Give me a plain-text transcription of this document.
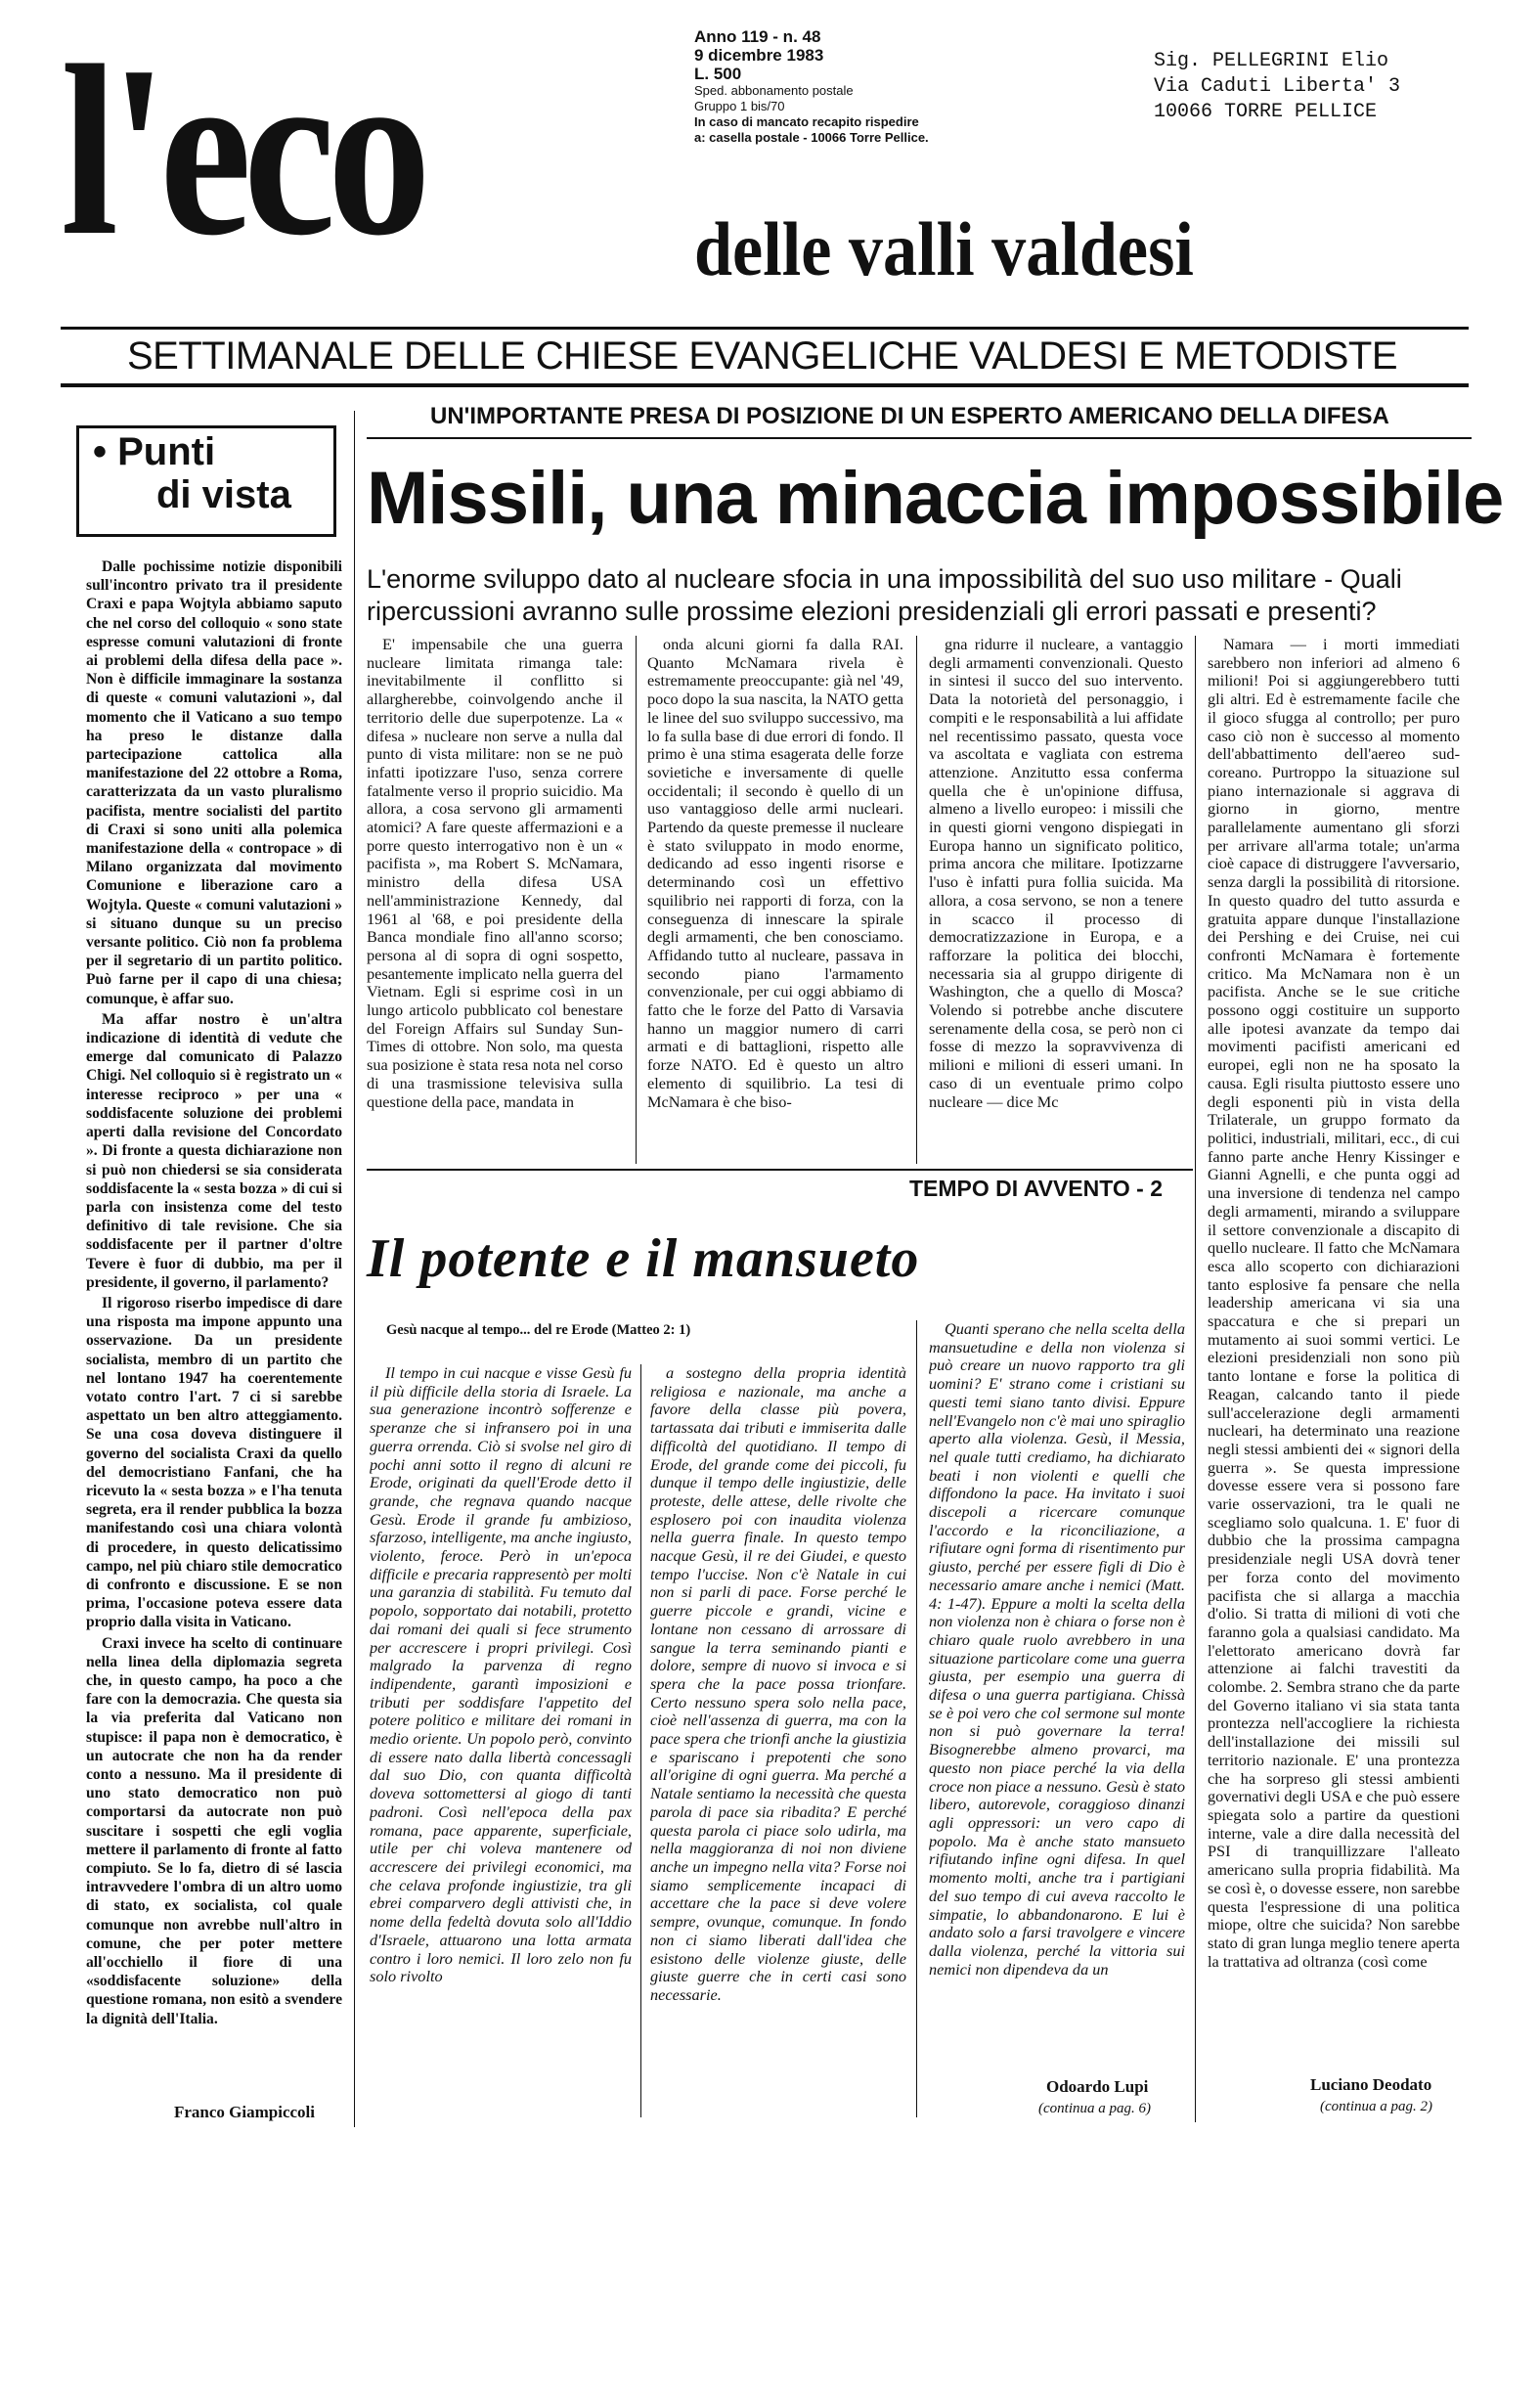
l'eco	Anno 119 - n. 48
9 dicembre 1983
L. 500
Sped. abbonamento postale
Gruppo 1 bis/70
In caso di mancato recapito rispedire
a: casella postale - 10066 Torre Pellice.
Sig. PELLEGRINI Elio
Via Caduti Liberta' 3
10066 TORRE PELLICE
delle valli valdesi
SETTIMANALE DELLE CHIESE EVANGELICHE VALDESI E METODISTE
• Punti
di vista
UN'IMPORTANTE PRESA DI POSIZIONE DI UN ESPERTO AMERICANO DELLA DIFESA
Missili, una minaccia impossibile
L'enorme sviluppo dato al nucleare sfocia in una impossibilità del suo uso militare - Quali ripercussioni avranno sulle prossime elezioni presidenziali gli errori passati e presenti?

Dalle pochissime notizie disponibili sull'incontro privato tra il presidente Craxi e papa Wojtyla abbiamo saputo che nel corso del colloquio « sono state espresse comuni valutazioni di fronte ai problemi della difesa della pace ». Non è difficile immaginare la sostanza di queste « comuni valutazioni », dal momento che il Vaticano a suo tempo ha preso le distanze dalla partecipazione cattolica alla manifestazione del 22 ottobre a Roma, caratterizzata da un vasto pluralismo pacifista, mentre socialisti del partito di Craxi si sono uniti alla polemica manifestazione della « contropace » di Milano organizzata dal movimento Comunione e liberazione caro a Wojtyla. Queste « comuni valutazioni » si situano dunque su un preciso versante politico. Ciò non fa problema per il segretario di un partito politico. Può farne per il capo di una chiesa; comunque, è affar suo.

Ma affar nostro è un'altra indicazione di identità di vedute che emerge dal comunicato di Palazzo Chigi. Nel colloquio si è registrato un « interesse reciproco » per una « soddisfacente soluzione dei problemi aperti dalla revisione del Concordato ». Di fronte a questa dichiarazione non si può non chiedersi se sia considerata soddisfacente la « sesta bozza » di cui si parla con insistenza come del testo definitivo di tale revisione. Che sia soddisfacente per il partner d'oltre Tevere è fuor di dubbio, ma per il presidente, il governo, il parlamento?

Il rigoroso riserbo impedisce di dare una risposta ma impone appunto una osservazione. Da un presidente socialista, membro di un partito che nel lontano 1947 ha coerentemente votato contro l'art. 7 ci si sarebbe aspettato un ben altro atteggiamento. Se una cosa doveva distinguere il governo del socialista Craxi da quello del democristiano Fanfani, che ha ricevuto la « sesta bozza » e l'ha tenuta segreta, era il render pubblica la bozza manifestando così una chiara volontà di procedere, in questo delicatissimo campo, nel più chiaro stile democratico di confronto e discussione. E se non prima, l'occasione poteva essere data proprio dalla visita in Vaticano.

Craxi invece ha scelto di continuare nella linea della diplomazia segreta che, in questo campo, ha poco a che fare con la democrazia. Che questa sia la via preferita dal Vaticano non stupisce: il papa non è democratico, è un autocrate che non ha da render conto a nessuno. Ma il presidente di uno stato democratico non può comportarsi da autocrate non può suscitare i sospetti che egli voglia mettere il parlamento di fronte al fatto compiuto. Se lo fa, dietro di sé lascia intravvedere l'ombra di un altro uomo di stato, ex socialista, col quale comunque non avrebbe null'altro in comune, che per poter mettere all'occhiello il fiore di una «soddisfacente soluzione» della questione romana, non esitò a svendere la dignità dell'Italia.

Franco Giampiccoli

E' impensabile che una guerra nucleare limitata rimanga tale: inevitabilmente il conflitto si allargherebbe, coinvolgendo anche il territorio delle due superpotenze. La « difesa » nucleare non serve a nulla dal punto di vista militare: non se ne può infatti ipotizzare l'uso, senza correre fatalmente verso il proprio suicidio. Ma allora, a cosa servono gli armamenti atomici? A fare queste affermazioni e a porre questo interrogativo non è un « pacifista », ma Robert S. McNamara, ministro della difesa USA nell'amministrazione Kennedy, dal 1961 al '68, e poi presidente della Banca mondiale fino all'anno scorso; persona al di sopra di ogni sospetto, pesantemente implicato nella guerra del Vietnam. Egli si esprime così in un lungo articolo pubblicato col benestare del Foreign Affairs sul Sunday Sun-Times di ottobre. Non solo, ma questa sua posizione è stata resa nota nel corso di una trasmissione televisiva sulla questione della pace, mandata in

onda alcuni giorni fa dalla RAI. Quanto McNamara rivela è estremamente preoccupante: già nel '49, poco dopo la sua nascita, la NATO getta le linee del suo sviluppo successivo, ma lo fa sulla base di due errori di fondo. Il primo è una stima esagerata delle forze sovietiche e inversamente di quelle occidentali; il secondo è quello di un uso vantaggioso delle armi nucleari. Partendo da queste premesse il nucleare è stato sviluppato in modo enorme, dedicando ad esso ingenti risorse e determinando così un effettivo squilibrio nei rapporti di forza, con la conseguenza di innescare la spirale degli armamenti, che ben conosciamo. Affidando tutto al nucleare, passava in secondo piano l'armamento convenzionale, per cui oggi abbiamo di fatto che le forze del Patto di Varsavia hanno un maggior numero di carri armati e di battaglioni, rispetto alle forze NATO. Ed è questo un altro elemento di squilibrio. La tesi di McNamara è che biso-

gna ridurre il nucleare, a vantaggio degli armamenti convenzionali. Questo in sintesi il succo del suo intervento. Data la notorietà del personaggio, i compiti e le responsabilità a lui affidate nel recentissimo passato, questa voce va ascoltata e vagliata con estrema attenzione. Anzitutto essa conferma quella che è un'opinione diffusa, almeno a livello europeo: i missili che in questi giorni vengono dispiegati in Europa hanno un significato politico, prima ancora che militare. Ipotizzarne l'uso è infatti pura follia suicida. Ma allora, a cosa servono, se non a tenere in scacco il processo di democratizzazione in Europa, e a rafforzare la politica dei blocchi, necessaria sia al gruppo dirigente di Washington, che a quello di Mosca? Volendo si potrebbe anche discutere serenamente della cosa, se però non ci fosse di mezzo la sopravvivenza di milioni e milioni di esseri umani. In caso di un eventuale primo colpo nucleare — dice Mc

Namara — i morti immediati sarebbero non inferiori ad almeno 6 milioni! Poi si aggiungerebbero tutti gli altri. Ed è estremamente facile che il gioco sfugga al controllo; per puro caso ciò non è successo al momento dell'abbattimento dell'aereo sud-coreano. Purtroppo la situazione sul piano internazionale si aggrava di giorno in giorno, mentre parallelamente aumentano gli sforzi per arrivare all'arma totale; un'arma cioè capace di distruggere l'avversario, senza dargli la possibilità di ritorsione. In questo quadro del tutto assurda e gratuita appare dunque l'installazione dei Pershing e dei Cruise, nei cui confronti McNamara è fortemente critico. Ma McNamara non è un pacifista. Anche se le sue critiche possono oggi costituire un supporto alle ipotesi avanzate da tempo dai movimenti pacifisti americani ed europei, egli non ne ha sposato la causa. Egli risulta piuttosto essere uno degli esponenti più in vista della Trilaterale, un gruppo formato da politici, industriali, militari, ecc., di cui fanno parte anche Henry Kissinger e Gianni Agnelli, e che punta oggi ad una inversione di tendenza nel campo degli armamenti, mirando a sviluppare il settore convenzionale a discapito di quello nucleare. Il fatto che McNamara esca allo scoperto con dichiarazioni tanto esplosive fa pensare che nella leadership americana vi sia una spaccatura e che si prepari un mutamento ai suoi sommi vertici. Le elezioni presidenziali non sono più tanto lontane e forse la politica di Reagan, calcando tanto il piede sull'accelerazione degli armamenti nucleari, ha determinato una reazione negli stessi ambienti dei « signori della guerra ». Se questa impressione dovesse essere vera si possono fare varie osservazioni, tra le quali ne scegliamo solo qualcuna. 1. E' fuor di dubbio che la prossima campagna presidenziale negli USA dovrà tener per forza conto del movimento pacifista che si allarga a macchia d'olio. Si tratta di milioni di voti che faranno gola a qualsiasi candidato. Ma l'elettorato americano dovrà far attenzione ai falchi travestiti da colombe. 2. Sembra strano che da parte del Governo italiano vi sia stata tanta prontezza nell'accogliere la richiesta dell'installazione dei missili sul territorio nazionale. E' una prontezza che ha sorpreso gli stessi ambienti governativi degli USA e che può essere spiegata solo a partire da questioni interne, vale a dire dalla necessità del PSI di tranquillizzare l'alleato americano sulla propria fidabilità. Ma se così è, o dovesse essere, non sarebbe questa l'espressione di una politica miope, oltre che suicida? Non sarebbe stato di gran lunga meglio tenere aperta la trattativa ad oltranza (così come

Luciano Deodato
(continua a pag. 2)
TEMPO DI AVVENTO - 2
Il potente e il mansueto
Gesù nacque al tempo... del re Erode (Matteo 2: 1)

Il tempo in cui nacque e visse Gesù fu il più difficile della storia di Israele. La sua generazione incontrò sofferenze e speranze che si infransero poi in una guerra orrenda. Ciò si svolse nel giro di pochi anni sotto il regno di alcuni re Erode, originati da quell'Erode detto il grande, che regnava quando nacque Gesù. Erode il grande fu ambizioso, sfarzoso, intelligente, ma anche ingiusto, violento, feroce. Però in un'epoca difficile e precaria rappresentò per molti una garanzia di stabilità. Fu temuto dal popolo, sopportato dai notabili, protetto dai romani dei quali si fece strumento per accrescere i propri privilegi. Così malgrado la parvenza di regno indipendente, garantì imposizioni e tributi per soddisfare l'appetito del potere politico e militare dei romani in medio oriente. Un popolo però, convinto di essere nato dalla libertà concessagli dal suo Dio, con quanta difficoltà doveva sottomettersi al giogo di tanti padroni. Così nell'epoca della pax romana, pace apparente, superficiale, utile per chi voleva mantenere od accrescere dei privilegi economici, ma che celava profonde ingiustizie, tra gli ebrei comparvero degli attivisti che, in nome della fedeltà dovuta solo all'Iddio d'Israele, attuarono una lotta armata contro i loro nemici. Il loro zelo non fu solo rivolto

a sostegno della propria identità religiosa e nazionale, ma anche a favore della classe più povera, tartassata dai tributi e immiserita dalle difficoltà del quotidiano. Il tempo di Erode, del grande come dei piccoli, fu dunque il tempo delle ingiustizie, delle proteste, delle attese, delle rivolte che esplosero poi con inaudita violenza nella guerra finale. In questo tempo nacque Gesù, il re dei Giudei, e questo tempo l'uccise. Non c'è Natale in cui non si parli di pace. Forse perché le guerre piccole e grandi, vicine e lontane non cessano di arrossare di sangue la terra seminando pianti e dolore, sempre di nuovo si invoca e si spera che la pace possa trionfare. Certo nessuno spera solo nella pace, cioè nell'assenza di guerra, ma con la pace spera che trionfi anche la giustizia e spariscano i prepotenti che sono all'origine di ogni guerra. Ma perché a Natale sentiamo la necessità che questa parola di pace sia ribadita? E perché questa parola ci piace solo udirla, ma nella maggioranza di noi non diviene anche un impegno nella vita? Forse noi siamo semplicemente incapaci di accettare che la pace si deve volere sempre, ovunque, comunque. In fondo non ci siamo liberati dall'idea che esistono delle violenze giuste, delle giuste guerre che in certi casi sono necessarie.

Quanti sperano che nella scelta della mansuetudine e della non violenza si può creare un nuovo rapporto tra gli uomini? E' strano come i cristiani su questi temi siano tanto divisi. Eppure nell'Evangelo non c'è mai uno spiraglio aperto alla violenza. Gesù, il Messia, nel quale tutti crediamo, ha dichiarato beati i non violenti e quelli che diffondono la pace. Ha invitato i suoi discepoli a ricercare comunque l'accordo e la riconciliazione, a rifiutare ogni forma di risentimento pur giusto, perché per essere figli di Dio è necessario amare anche i nemici (Matt. 4: 1-47). Eppure a molti la scelta della non violenza non è chiara o forse non è chiaro quale ruolo avrebbero in una situazione particolare come una guerra giusta, per esempio una guerra di difesa o una guerra partigiana. Chissà se è poi vero che col sermone sul monte non si può governare la terra! Bisognerebbe almeno provarci, ma questo non piace perché la via della croce non piace a nessuno. Gesù è stato libero, autorevole, coraggioso dinanzi agli oppressori: un vero capo di popolo. Ma è anche stato mansueto rifiutando infine ogni difesa. In quel momento molti, anche tra i partigiani del suo tempo di cui aveva raccolto le simpatie, lo abbandonarono. E lui è andato solo a farsi travolgere e vincere dalla violenza, perché la vittoria sui nemici non dipendeva da un

Odoardo Lupi
(continua a pag. 6)
